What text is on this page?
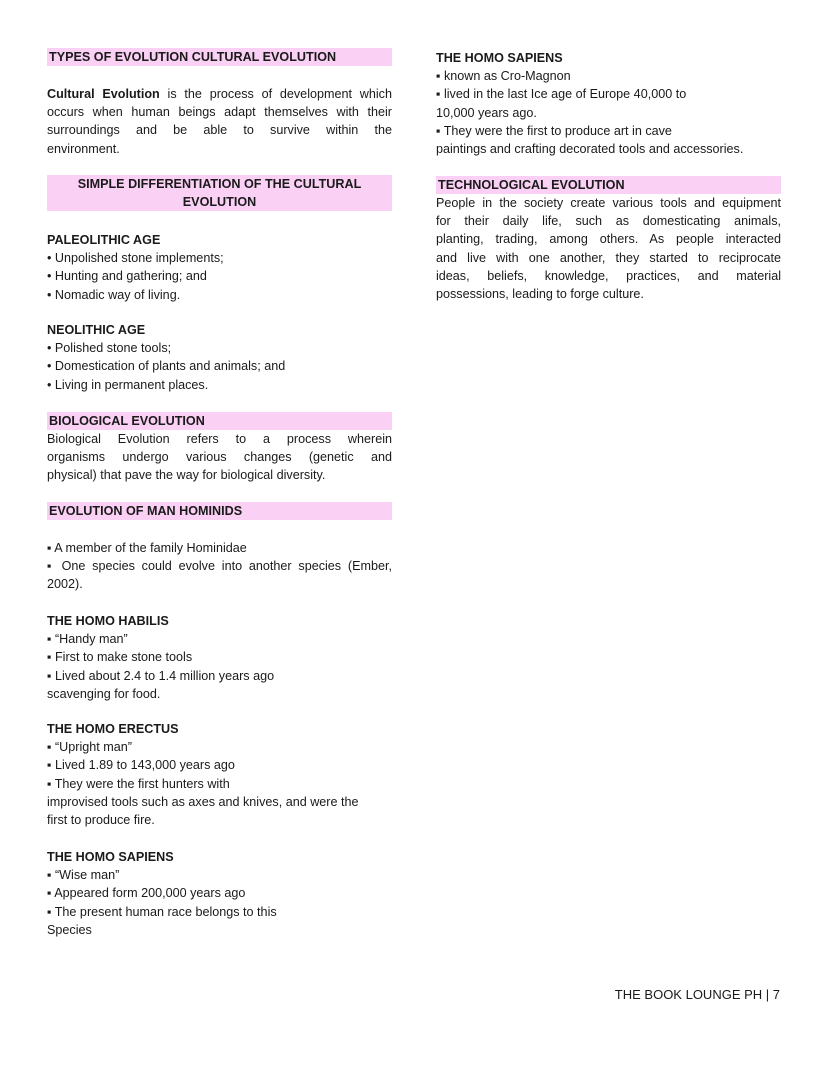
TYPES OF EVOLUTION CULTURAL EVOLUTION
Cultural Evolution is the process of development which
occurs when human beings adapt themselves with their
surroundings and be able to survive within the
environment.
SIMPLE DIFFERENTIATION OF THE CULTURAL
EVOLUTION
PALEOLITHIC AGE
• Unpolished stone implements;
• Hunting and gathering; and
• Nomadic way of living.
NEOLITHIC AGE
• Polished stone tools;
• Domestication of plants and animals; and
• Living in permanent places.
BIOLOGICAL EVOLUTION
Biological Evolution refers to a process wherein
organisms undergo various changes (genetic and
physical) that pave the way for biological diversity.
EVOLUTION OF MAN HOMINIDS
▪ A member of the family Hominidae
▪ One species could evolve into another species (Ember,
2002).
THE HOMO HABILIS
▪ “Handy man”
▪ First to make stone tools
▪ Lived about 2.4 to 1.4 million years ago
scavenging for food.
THE HOMO ERECTUS
▪ “Upright man”
▪ Lived 1.89 to 143,000 years ago
▪ They were the first hunters with
improvised tools such as axes and knives, and were the
first to produce fire.
THE HOMO SAPIENS
▪ “Wise man”
▪ Appeared form 200,000 years ago
▪ The present human race belongs to this
Species
THE HOMO SAPIENS
▪ known as Cro-Magnon
▪ lived in the last Ice age of Europe 40,000 to
10,000 years ago.
▪ They were the first to produce art in cave
paintings and crafting decorated tools and accessories.
TECHNOLOGICAL EVOLUTION
People in the society create various tools and equipment
for their daily life, such as domesticating animals,
planting, trading, among others. As people interacted
and live with one another, they started to reciprocate
ideas, beliefs, knowledge, practices, and material
possessions, leading to forge culture.
THE BOOK LOUNGE PH | 7
